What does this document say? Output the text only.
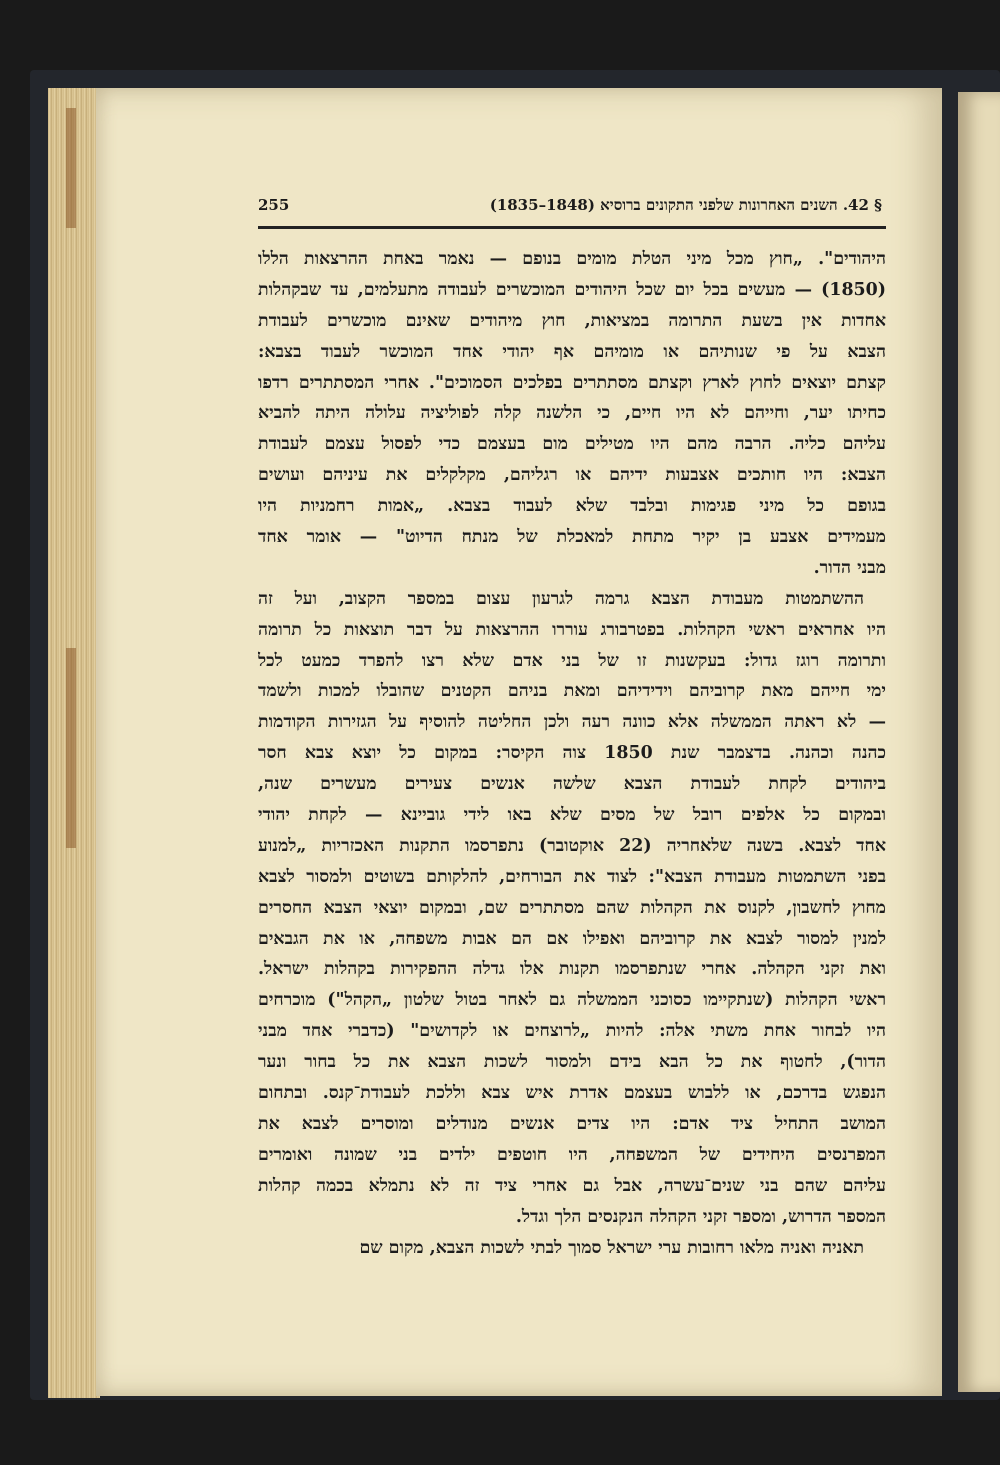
§ 42. השנים האחרונות שלפני התקונים ברוסיא (1848–1835)
255
היהודים". „חוץ מכל מיני הטלת מומים בנופם — נאמר באחת ההרצאות הללו
(1850) — מעשים בכל יום שכל היהודים המוכשרים לעבודה מתעלמים, עד שבקהלות
אחדות אין בשעת התרומה במציאות, חוץ מיהודים שאינם מוכשרים לעבודת
הצבא על פי שנותיהם או מומיהם אף יהודי אחד המוכשר לעבוד בצבא:
קצתם יוצאים לחוץ לארץ וקצתם מסתתרים בפלכים הסמוכים". אחרי המסתתרים רדפו
כחיתו יער, וחייהם לא היו חיים, כי הלשנה קלה לפוליציה עלולה היתה להביא
עליהם כליה. הרבה מהם היו מטילים מום בעצמם כדי לפסול עצמם לעבודת
הצבא: היו חותכים אצבעות ידיהם או רגליהם, מקלקלים את עיניהם ועושים
בגופם כל מיני פגימות ובלבד שלא לעבוד בצבא. „אמות רחמניות היו
מעמידים אצבע בן יקיר מתחת למאכלת של מנתח הדיוט" — אומר אחד
מבני הדור.
ההשתמטות מעבודת הצבא גרמה לגרעון עצום במספר הקצוב, ועל זה
היו אחראים ראשי הקהלות. בפטרבורג עוררו ההרצאות על דבר תוצאות כל תרומה
ותרומה רוגז גדול: בעקשנות זו של בני אדם שלא רצו להפרד כמעט לכל
ימי חייהם מאת קרוביהם וידידיהם ומאת בניהם הקטנים שהובלו למכות ולשמד
— לא ראתה הממשלה אלא כוונה רעה ולכן החליטה להוסיף על הגזירות הקודמות
כהנה וכהנה. בדצמבר שנת 1850 צוה הקיסר: במקום כל יוצא צבא חסר
ביהודים לקחת לעבודת הצבא שלשה אנשים צעירים מעשרים שנה,
ובמקום כל אלפים רובל של מסים שלא באו לידי גוביינא — לקחת יהודי
אחד לצבא. בשנה שלאחריה (22 אוקטובר) נתפרסמו התקנות האכזריות „למנוע
בפני השתמטות מעבודת הצבא": לצוד את הבורחים, להלקותם בשוטים ולמסור לצבא
מחוץ לחשבון, לקנוס את הקהלות שהם מסתתרים שם, ובמקום יוצאי הצבא החסרים
למנין למסור לצבא את קרוביהם ואפילו אם הם אבות משפחה, או את הגבאים
ואת זקני הקהלה. אחרי שנתפרסמו תקנות אלו גדלה ההפקירות בקהלות ישראל.
ראשי הקהלות (שנתקיימו כסוכני הממשלה גם לאחר בטול שלטון „הקהל") מוכרחים
היו לבחור אחת משתי אלה: להיות „לרוצחים או לקדושים" (כדברי אחד מבני
הדור), לחטוף את כל הבא בידם ולמסור לשכות הצבא את כל בחור ונער
הנפגש בדרכם, או ללבוש בעצמם אדרת איש צבא וללכת לעבודת־קנס. ובתחום
המושב התחיל ציד אדם: היו צדים אנשים מנודלים ומוסרים לצבא את
המפרנסים היחידים של המשפחה, היו חוטפים ילדים בני שמונה ואומרים
עליהם שהם בני שנים־עשרה, אבל גם אחרי ציד זה לא נתמלא בכמה קהלות
המספר הדרוש, ומספר זקני הקהלה הנקנסים הלך וגדל.
תאניה ואניה מלאו רחובות ערי ישראל סמוך לבתי לשכות הצבא, מקום שם
